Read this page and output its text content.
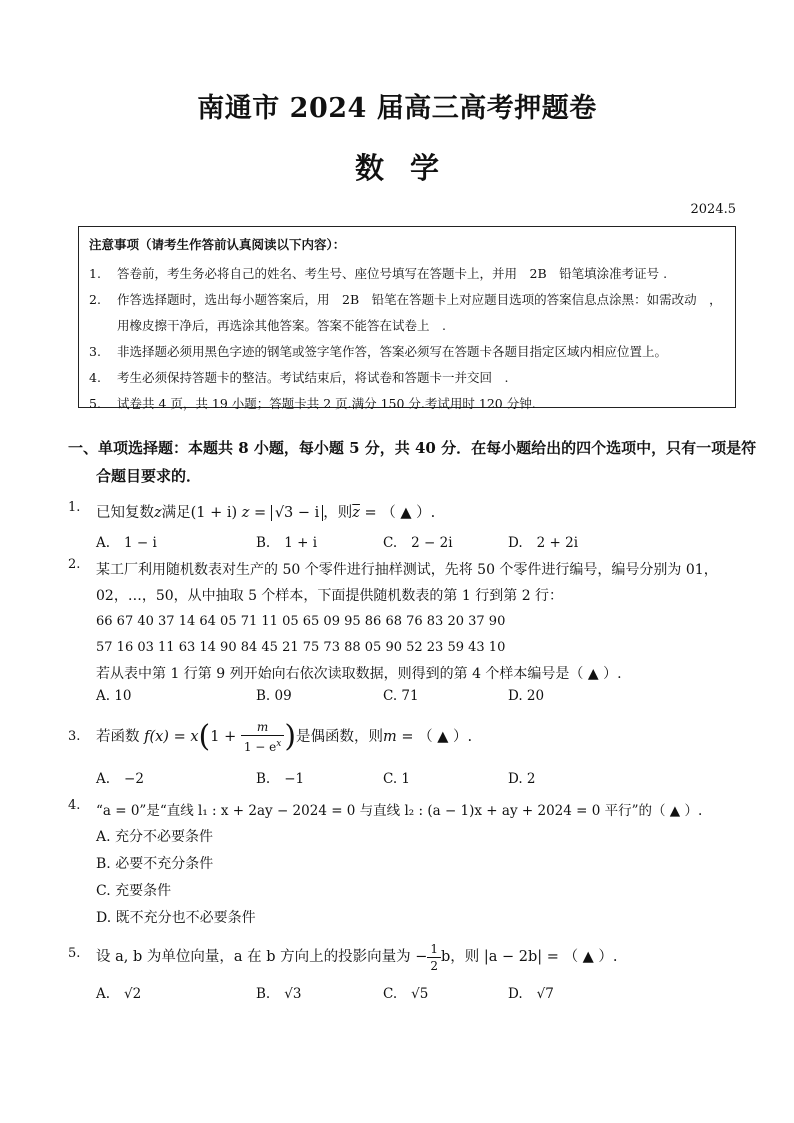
南通市 2024 届高三高考押题卷
数学
2024.5
注意事项（请考生作答前认真阅读以下内容）：
1. 答卷前，考生务必将自己的姓名、考生号、座位号填写在答题卡上，并用　2B　铅笔填涂准考证号 .
2. 作答选择题时，选出每小题答案后，用　2B　铅笔在答题卡上对应题目选项的答案信息点涂黑：如需改动　，
用橡皮擦干净后，再选涂其他答案。答案不能答在试卷上　.
3. 非选择题必须用黑色字迹的钢笔或签字笔作答，答案必须写在答题卡各题目指定区域内相应位置上。
4. 考生必须保持答题卡的整洁。考试结束后，将试卷和答题卡一并交回　.
5. 试卷共 4 页，共 19 小题；答题卡共 2 页.满分 150 分.考试用时 120 分钟.
一、单项选择题：本题共 8 小题，每小题 5 分，共 40 分．在每小题给出的四个选项中，只有一项是符
合题目要求的．
1.	已知复数z满足(1 + i) z = √3 − i ，则$\overline{z}$ = （ ▲ ）.
A. 1 − i	B. 1 + i	C. 2 − 2i	D. 2 + 2i
2.	某工厂利用随机数表对生产的 50 个零件进行抽样测试，先将 50 个零件进行编号，编号分别为 01，
02，…，50，从中抽取 5 个样本，下面提供随机数表的第 1 行到第 2 行：
66 67 40 37 14 64 05 71 11 05 65 09 95 86 68 76 83 20 37 90
57 16 03 11 63 14 90 84 45 21 75 73 88 05 90 52 23 59 43 10
若从表中第 1 行第 9 列开始向右依次读取数据，则得到的第 4 个样本编号是（ ▲ ）.
A. 10	B. 09	C. 71	D. 20
3.	若函数 $f(x) = x(1 + \frac{m}{1 - e^x}$ )是偶函数，则m = （ ▲ ）.
A. −2	B. −1	C. 1	D. 2
4.	“a = 0”是“直线 l₁ : x + 2ay − 2024 = 0 与直线 l₂ : (a − 1)x + ay + 2024 = 0 平行”的（ ▲ ）.
A. 充分不必要条件
B. 必要不充分条件
C. 充要条件
D. 既不充分也不必要条件
5.	设 a, b 为单位向量，a 在 b 方向上的投影向量为 − $\frac{1}{2}$ b，则 |a − 2b| = （ ▲ ）.
A. √2	B. √3	C. √5	D. √7
